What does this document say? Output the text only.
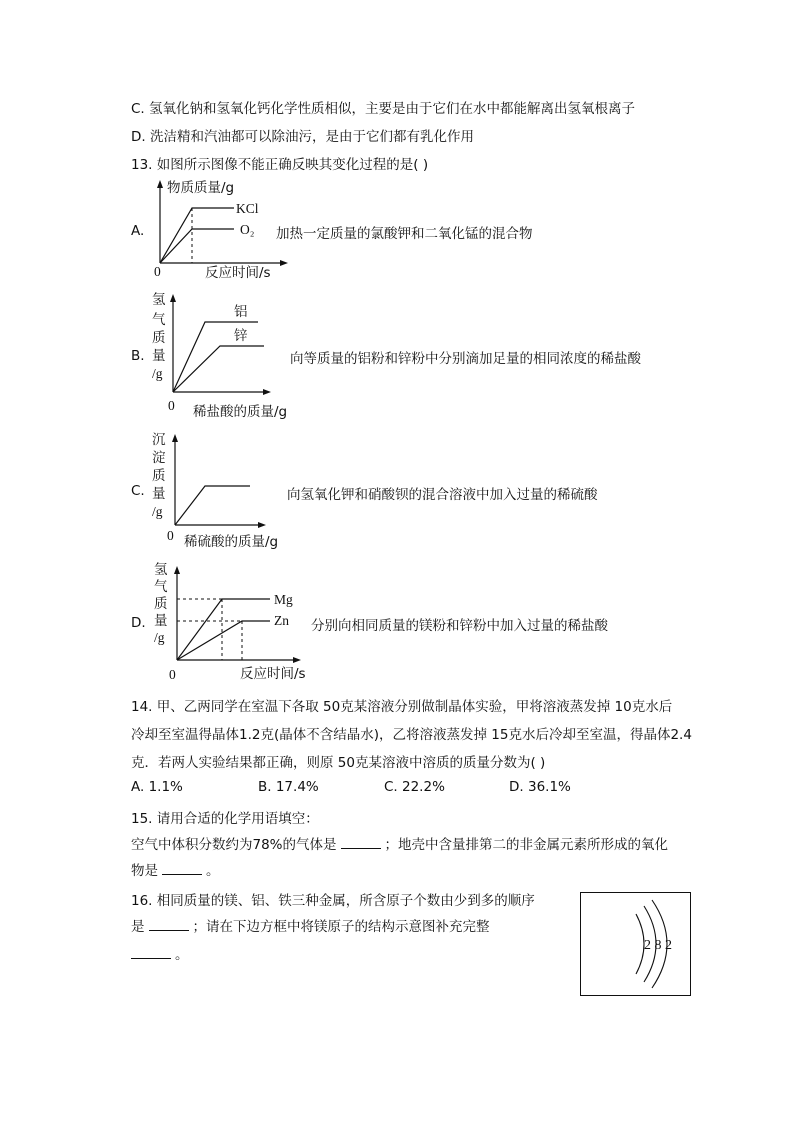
C. 氢氧化钠和氢氧化钙化学性质相似，主要是由于它们在水中都能解离出氢氧根离子
D. 洗洁精和汽油都可以除油污，是由于它们都有乳化作用
13. 如图所示图像不能正确反映其变化过程的是( )
A.
物质质量/g
0	反应时间/s
KCl
O₂ 加热一定质量的氯酸钾和二氧化锰的混合物
B.
氢
气
质
量
/g
0 稀盐酸的质量/g
铝
锌
向等质量的铝粉和锌粉中分别滴加足量的相同浓度的稀盐酸
C.
沉
淀
质
量
/g
0 稀硫酸的质量/g
向氢氧化钾和硝酸钡的混合溶液中加入过量的稀硫酸
D.
氢
气
质
量
/g
0	反应时间/s
Mg
Zn 分别向相同质量的镁粉和锌粉中加入过量的稀盐酸
14. 甲、乙两同学在室温下各取 50克某溶液分别做制晶体实验，甲将溶液蒸发掉 10克水后
冷却至室温得晶体1.2克(晶体不含结晶水)，乙将溶液蒸发掉 15克水后冷却至室温，得晶体2.4
克．若两人实验结果都正确，则原 50克某溶液中溶质的质量分数为( )
A. 1.1%	B. 17.4%	C. 22.2%	D. 36.1%
15. 请用合适的化学用语填空：
空气中体积分数约为78%的气体是	；地壳中含量排第二的非金属元素所形成的氧化
物是	。
16. 相同质量的镁、铝、铁三种金属，所含原子个数由少到多的顺序
是	；请在下边方框中将镁原子的结构示意图补充完整
。
2 8 2
